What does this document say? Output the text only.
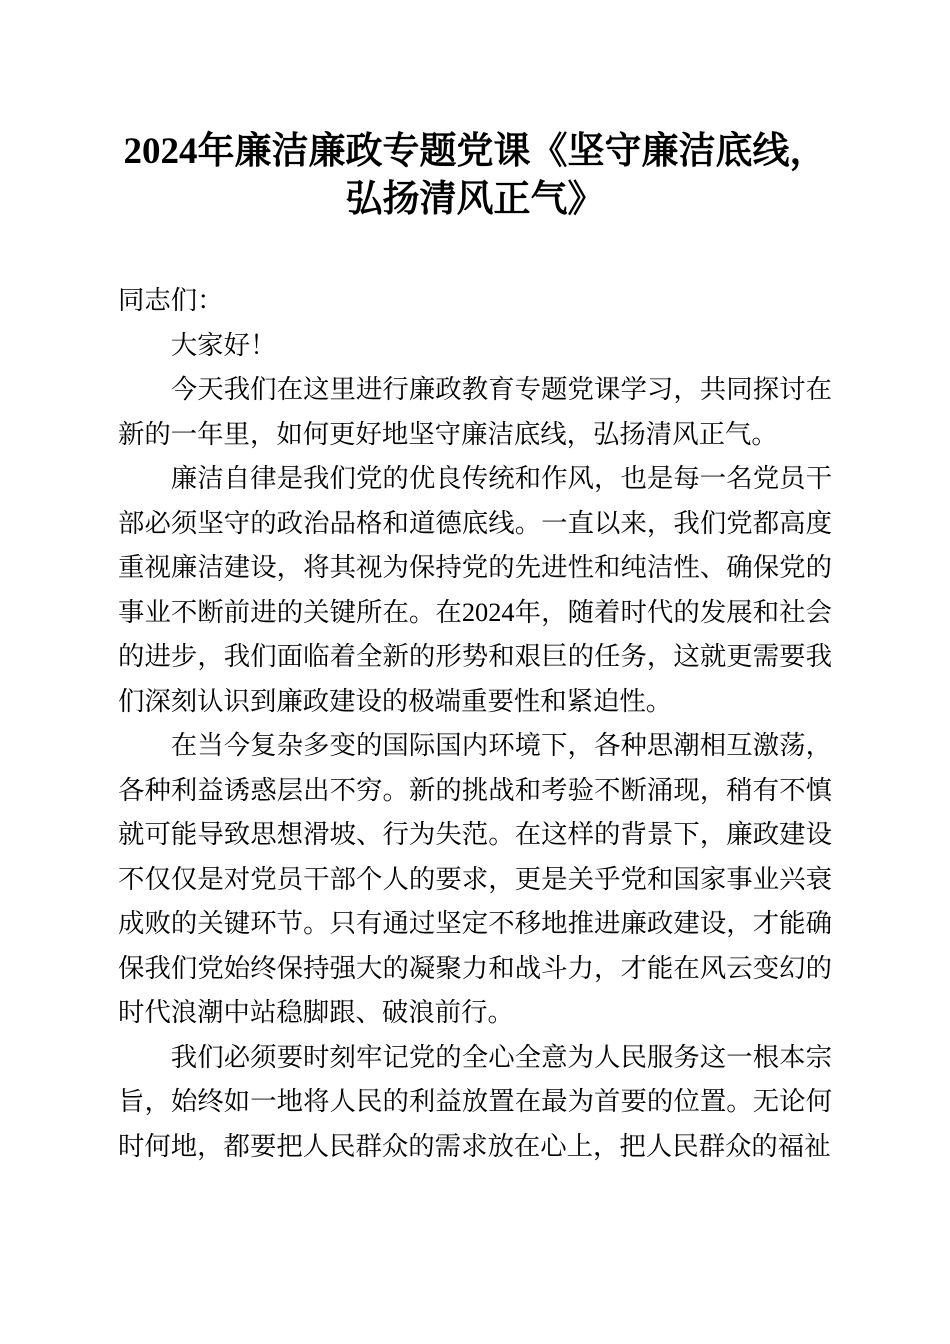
2024年廉洁廉政专题党课《坚守廉洁底线，弘扬清风正气》

同志们：

大家好！

今天我们在这里进行廉政教育专题党课学习，共同探讨在新的一年里，如何更好地坚守廉洁底线，弘扬清风正气。

廉洁自律是我们党的优良传统和作风，也是每一名党员干部必须坚守的政治品格和道德底线。一直以来，我们党都高度重视廉洁建设，将其视为保持党的先进性和纯洁性、确保党的事业不断前进的关键所在。在2024年，随着时代的发展和社会的进步，我们面临着全新的形势和艰巨的任务，这就更需要我们深刻认识到廉政建设的极端重要性和紧迫性。

在当今复杂多变的国际国内环境下，各种思潮相互激荡，各种利益诱惑层出不穷。新的挑战和考验不断涌现，稍有不慎就可能导致思想滑坡、行为失范。在这样的背景下，廉政建设不仅仅是对党员干部个人的要求，更是关乎党和国家事业兴衰成败的关键环节。只有通过坚定不移地推进廉政建设，才能确保我们党始终保持强大的凝聚力和战斗力，才能在风云变幻的时代浪潮中站稳脚跟、破浪前行。

我们必须要时刻牢记党的全心全意为人民服务这一根本宗旨，始终如一地将人民的利益放置在最为首要的位置。无论何时何地，都要把人民群众的需求放在心上，把人民群众的福祉
